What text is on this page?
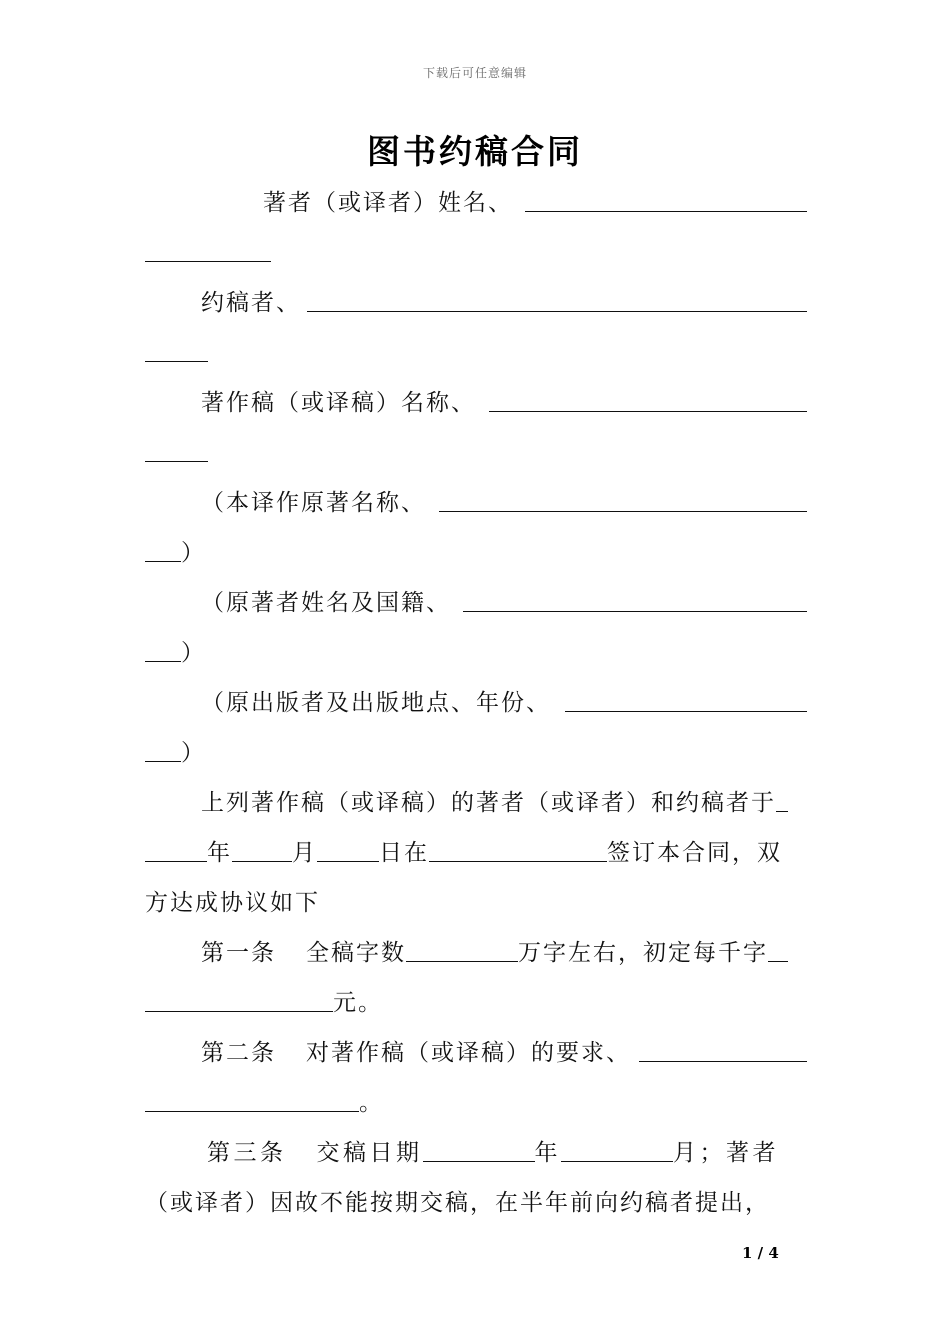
下载后可任意编辑
图书约稿合同
著者（或译者）姓名、
约稿者、
著作稿（或译稿）名称、
（本译作原著名称、
）
（原著者姓名及国籍、
）
（原出版者及出版地点、年份、
）
上列著作稿（或译稿）的著者（或译者）和约稿者于
年	月	日在	签订本合同，双
方达成协议如下
第一条 全稿字数	万字左右，初定每千字
元。
第二条 对著作稿（或译稿）的要求、
。
第三条 交稿日期	年	月；著者
（或译者）因故不能按期交稿，在半年前向约稿者提出，
1 / 4
